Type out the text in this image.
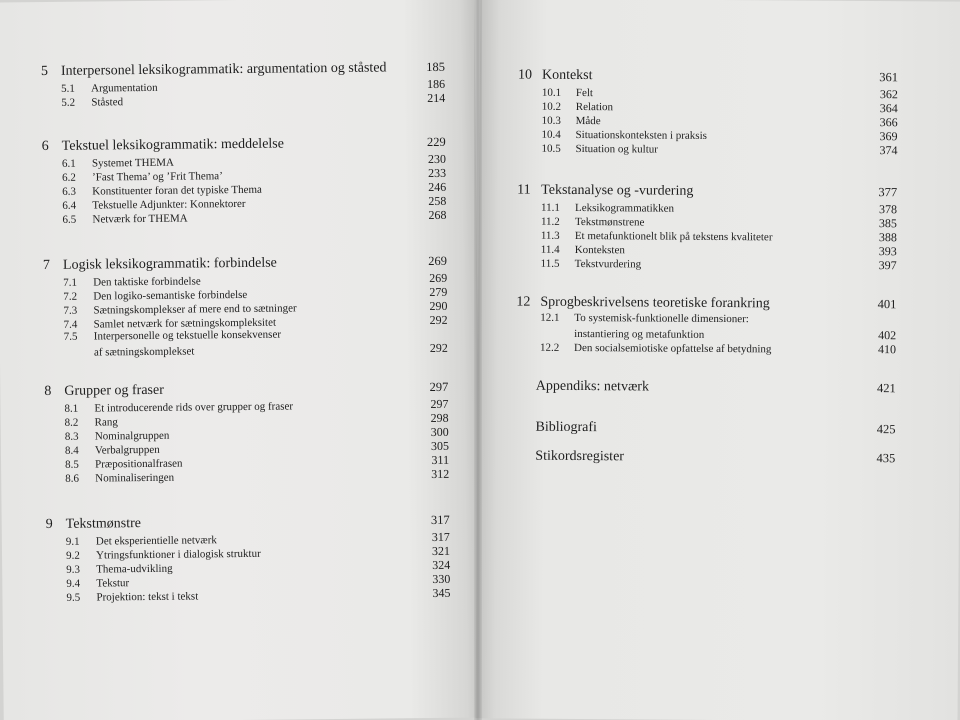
5 Interpersonel leksikogrammatik: argumentation og ståsted	185
5.1	Argumentation	186
5.2	Ståsted	214
6 Tekstuel leksikogrammatik: meddelelse	229
6.1	Systemet THEMA	230
6.2	’Fast Thema’ og ’Frit Thema’	233
6.3	Konstituenter foran det typiske Thema	246
6.4	Tekstuelle Adjunkter: Konnektorer	258
6.5	Netværk for THEMA	268
7 Logisk leksikogrammatik: forbindelse	269
7.1	Den taktiske forbindelse	269
7.2	Den logiko-semantiske forbindelse	279
7.3	Sætningskomplekser af mere end to sætninger	290
7.4	Samlet netværk for sætningskompleksitet	292
7.5	Interpersonelle og tekstuelle konsekvenser
af sætningskomplekset	292
8 Grupper og fraser	297
8.1	Et introducerende rids over grupper og fraser	297
8.2	Rang	298
8.3	Nominalgruppen	300
8.4	Verbalgruppen	305
8.5	Præpositionalfrasen	311
8.6	Nominaliseringen	312
9 Tekstmønstre	317
9.1	Det eksperientielle netværk	317
9.2	Ytringsfunktioner i dialogisk struktur	321
9.3	Thema-udvikling	324
9.4	Tekstur	330
9.5	Projektion: tekst i tekst	345
10 Kontekst	361
10.1	Felt	362
10.2	Relation	364
10.3	Måde	366
10.4	Situationskonteksten i praksis	369
10.5	Situation og kultur	374
11 Tekstanalyse og -vurdering	377
11.1	Leksikogrammatikken	378
11.2	Tekstmønstrene	385
11.3	Et metafunktionelt blik på tekstens kvaliteter	388
11.4	Konteksten	393
11.5	Tekstvurdering	397
12 Sprogbeskrivelsens teoretiske forankring	401
12.1	To systemisk-funktionelle dimensioner:
instantiering og metafunktion	402
12.2	Den socialsemiotiske opfattelse af betydning	410
Appendiks: netværk	421
Bibliografi	425
Stikordsregister	435
